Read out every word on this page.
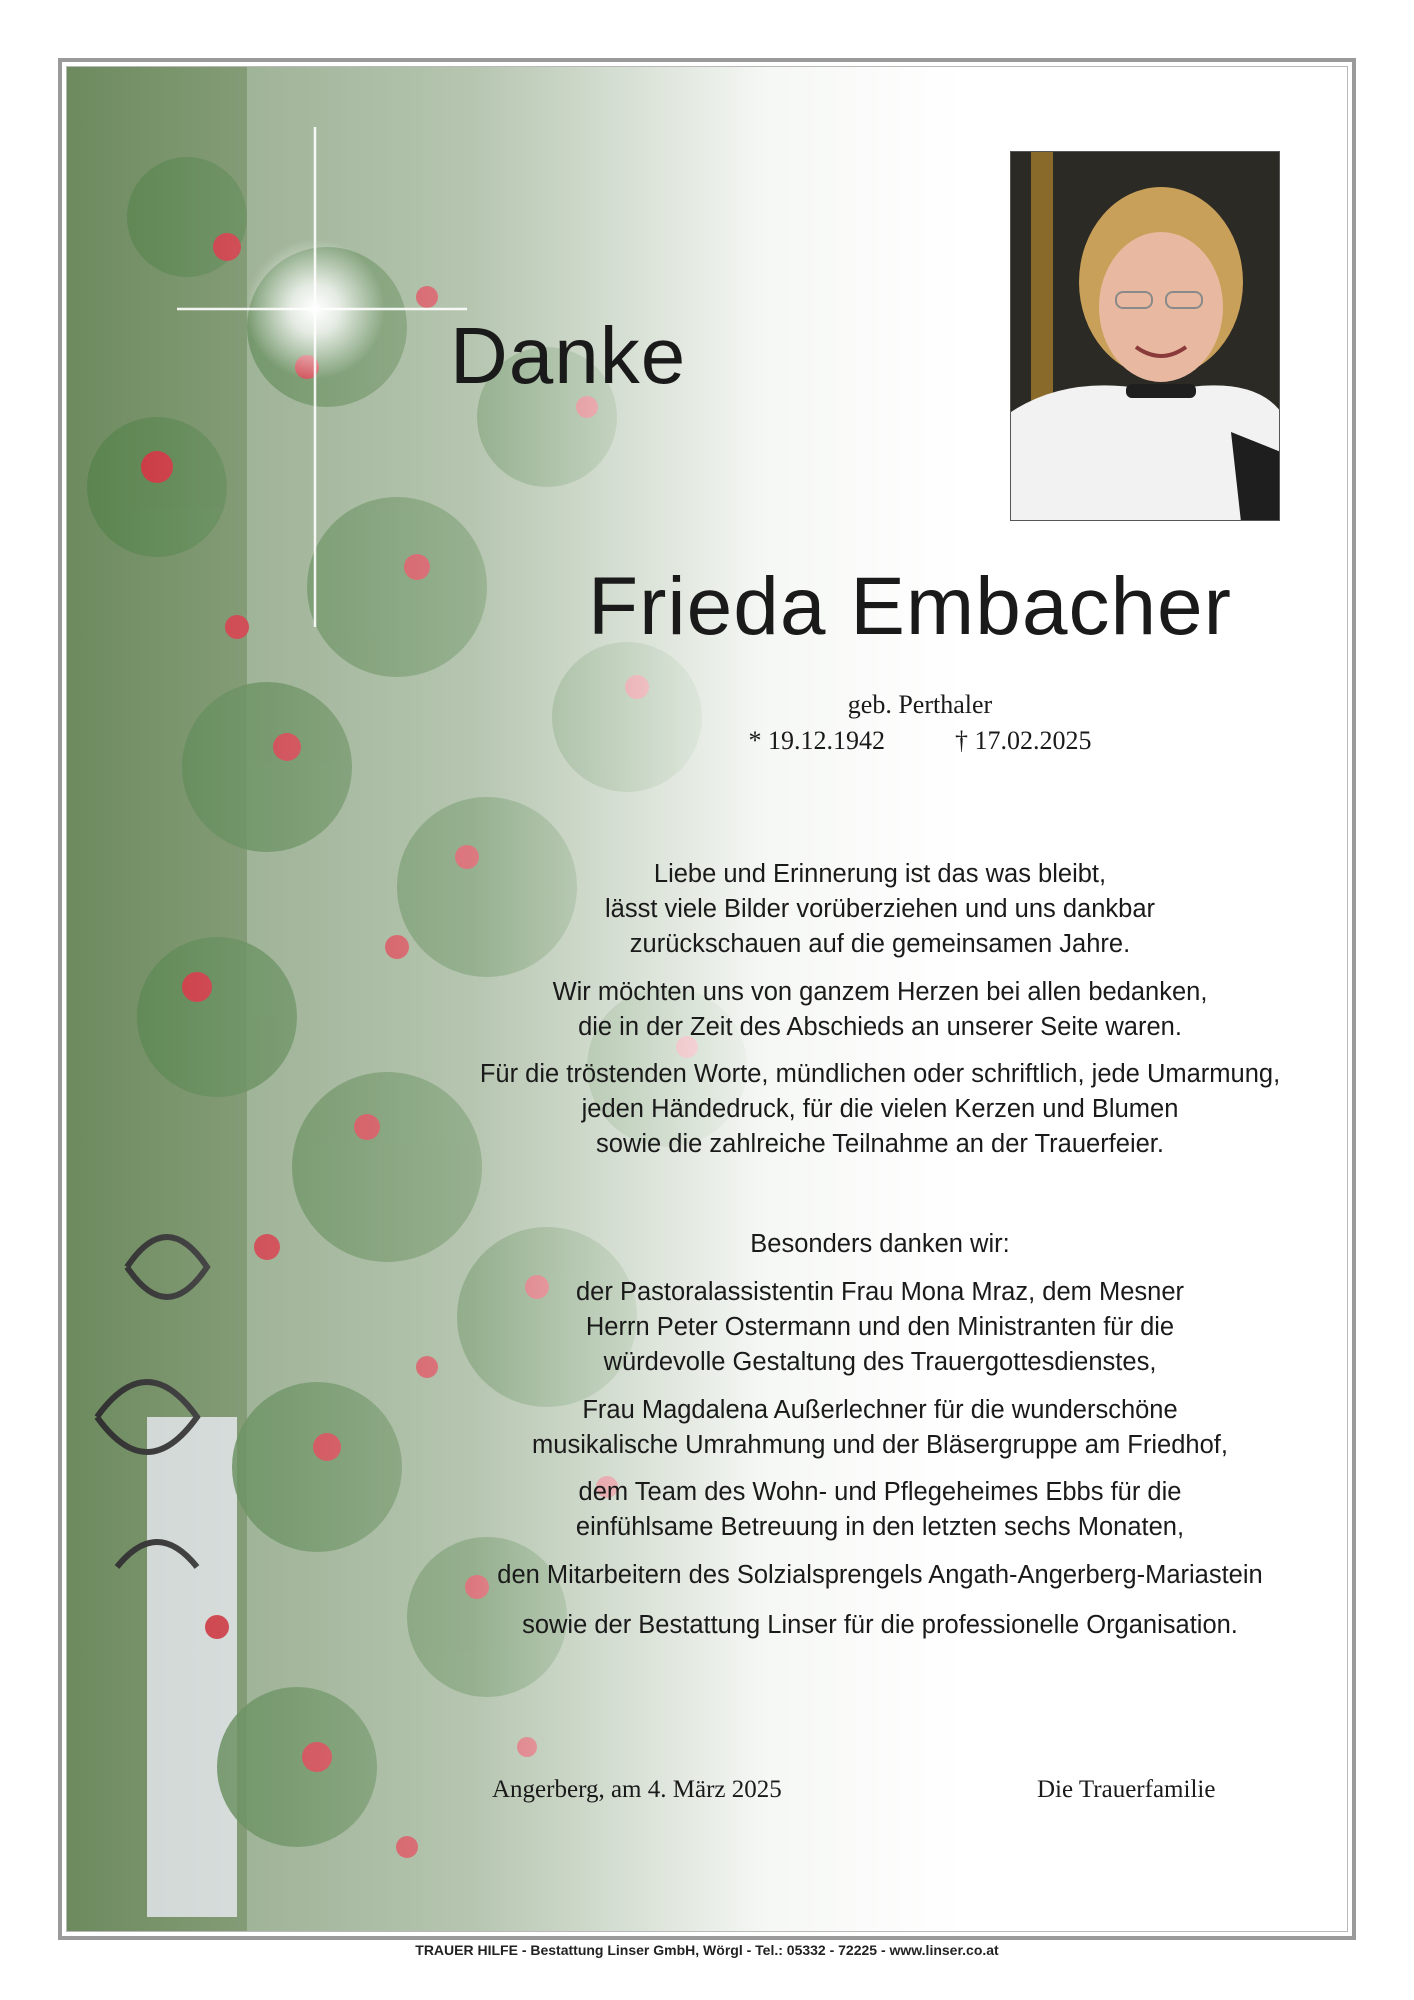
Danke
Frieda Embacher
geb. Perthaler
* 19.12.1942	† 17.02.2025
Liebe und Erinnerung ist das was bleibt,
lässt viele Bilder vorüberziehen und uns dankbar
zurückschauen auf die gemeinsamen Jahre.
Wir möchten uns von ganzem Herzen bei allen bedanken,
die in der Zeit des Abschieds an unserer Seite waren.
Für die tröstenden Worte, mündlichen oder schriftlich, jede Umarmung,
jeden Händedruck, für die vielen Kerzen und Blumen
sowie die zahlreiche Teilnahme an der Trauerfeier.
Besonders danken wir:
der Pastoralassistentin Frau Mona Mraz, dem Mesner
Herrn Peter Ostermann und den Ministranten für die
würdevolle Gestaltung des Trauergottesdienstes,
Frau Magdalena Außerlechner für die wunderschöne
musikalische Umrahmung und der Bläsergruppe am Friedhof,
dem Team des Wohn- und Pflegeheimes Ebbs für die
einfühlsame Betreuung in den letzten sechs Monaten,
den Mitarbeitern des Solzialsprengels Angath-Angerberg-Mariastein
sowie der Bestattung Linser für die professionelle Organisation.
Angerberg, am 4. März 2025	Die Trauerfamilie
TRAUER HILFE - Bestattung Linser GmbH, Wörgl - Tel.: 05332 - 72225 - www.linser.co.at
